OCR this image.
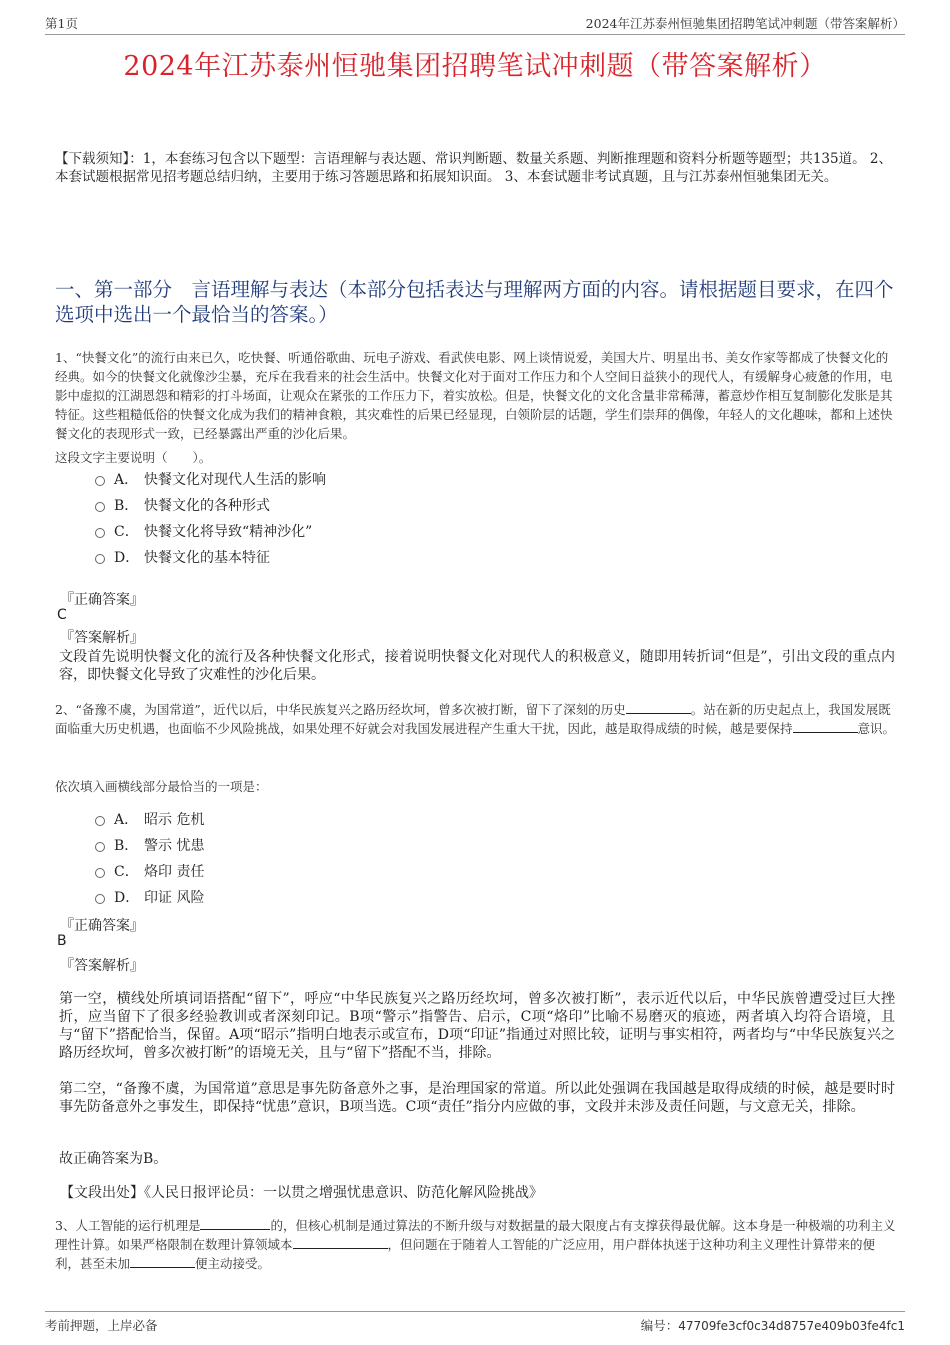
第1页	2024年江苏泰州恒驰集团招聘笔试冲刺题（带答案解析）
2024年江苏泰州恒驰集团招聘笔试冲刺题（带答案解析）
【下载须知】：1，本套练习包含以下题型：言语理解与表达题、常识判断题、数量关系题、判断推理题和资料分析题等题型；共135道。 2、本套试题根据常见招考题总结归纳，主要用于练习答题思路和拓展知识面。 3、本套试题非考试真题，且与江苏泰州恒驰集团无关。
一、第一部分　言语理解与表达（本部分包括表达与理解两方面的内容。请根据题目要求，在四个选项中选出一个最恰当的答案。）
1、“快餐文化”的流行由来已久，吃快餐、听通俗歌曲、玩电子游戏、看武侠电影、网上谈情说爱，美国大片、明星出书、美女作家等都成了快餐文化的经典。如今的快餐文化就像沙尘暴，充斥在我看来的社会生活中。快餐文化对于面对工作压力和个人空间日益狭小的现代人，有缓解身心疲惫的作用，电影中虚拟的江湖恩怨和精彩的打斗场面，让观众在紧张的工作压力下，着实放松。但是，快餐文化的文化含量非常稀薄，蓄意炒作相互复制膨化发胀是其特征。这些粗糙低俗的快餐文化成为我们的精神食粮，其灾难性的后果已经显现，白领阶层的话题，学生们崇拜的偶像，年轻人的文化趣味，都和上述快餐文化的表现形式一致，已经暴露出严重的沙化后果。
这段文字主要说明（　　）。
A． 快餐文化对现代人生活的影响
B． 快餐文化的各种形式
C． 快餐文化将导致“精神沙化”
D． 快餐文化的基本特征
『正确答案』
C
『答案解析』
文段首先说明快餐文化的流行及各种快餐文化形式，接着说明快餐文化对现代人的积极意义，随即用转折词“但是”，引出文段的重点内容，即快餐文化导致了灾难性的沙化后果。
2、“备豫不虞，为国常道”，近代以后，中华民族复兴之路历经坎坷，曾多次被打断，留下了深刻的历史	。站在新的历史起点上，我国发展既面临重大历史机遇，也面临不少风险挑战，如果处理不好就会对我国发展进程产生重大干扰，因此，越是取得成绩的时候，越是要保持	意识。
依次填入画横线部分最恰当的一项是：
A． 昭示 危机
B． 警示 忧患
C． 烙印 责任
D． 印证 风险
『正确答案』
B
『答案解析』
第一空，横线处所填词语搭配“留下”，呼应“中华民族复兴之路历经坎坷，曾多次被打断”，表示近代以后，中华民族曾遭受过巨大挫折，应当留下了很多经验教训或者深刻印记。B项“警示”指警告、启示，C项“烙印”比喻不易磨灭的痕迹，两者填入均符合语境，且与“留下”搭配恰当，保留。A项“昭示”指明白地表示或宣布，D项“印证”指通过对照比较，证明与事实相符，两者均与“中华民族复兴之路历经坎坷，曾多次被打断”的语境无关，且与“留下”搭配不当，排除。
第二空，“备豫不虞，为国常道”意思是事先防备意外之事，是治理国家的常道。所以此处强调在我国越是取得成绩的时候，越是要时时事先防备意外之事发生，即保持“忧患”意识，B项当选。C项“责任”指分内应做的事，文段并未涉及责任问题，与文意无关，排除。
故正确答案为B。
【文段出处】《人民日报评论员：一以贯之增强忧患意识、防范化解风险挑战》
3、人工智能的运行机理是	的，但核心机制是通过算法的不断升级与对数据量的最大限度占有支撑获得最优解。这本身是一种极端的功利主义理性计算。如果严格限制在数理计算领域本	，但问题在于随着人工智能的广泛应用，用户群体执迷于这种功利主义理性计算带来的便利，甚至未加	便主动接受。
考前押题，上岸必备	编号：47709fe3cf0c34d8757e409b03fe4fc1
